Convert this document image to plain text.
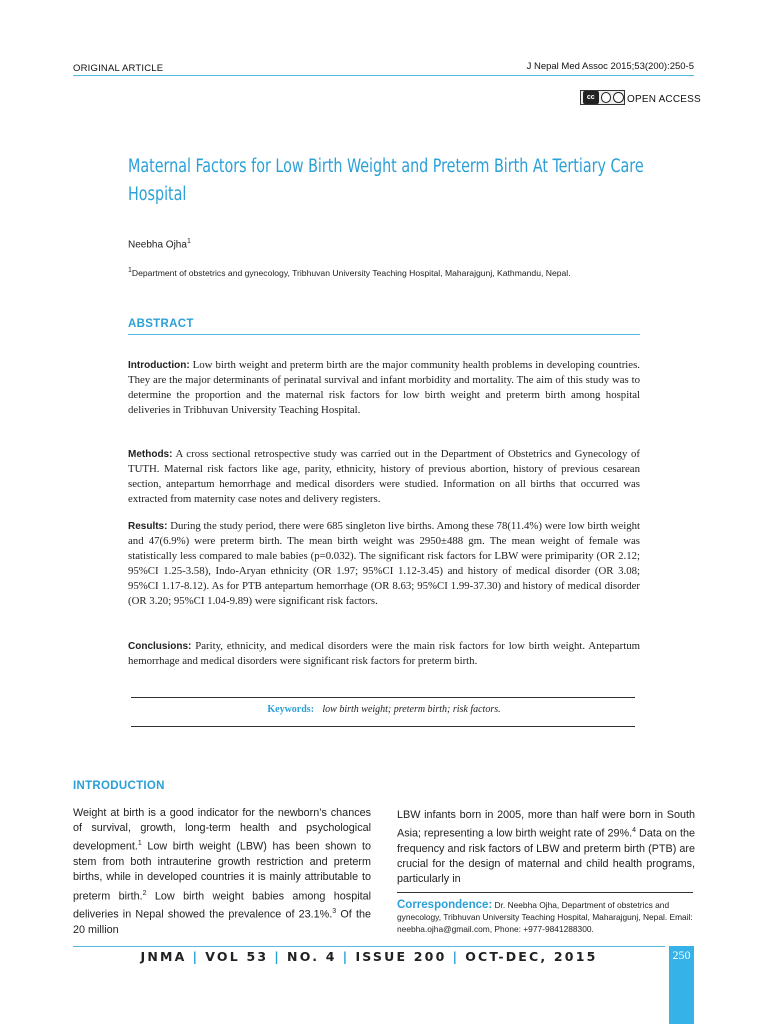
ORIGINAL ARTICLE	J Nepal Med Assoc 2015;53(200):250-5
cc	OPEN ACCESS
Maternal Factors for Low Birth Weight and Preterm Birth At Tertiary Care Hospital
Neebha Ojha$^1$
$^1$Department of obstetrics and gynecology, Tribhuvan University Teaching Hospital, Maharajgunj, Kathmandu, Nepal.
ABSTRACT
Introduction: Low birth weight and preterm birth are the major community health problems in developing countries. They are the major determinants of perinatal survival and infant morbidity and mortality. The aim of this study was to determine the proportion and the maternal risk factors for low birth weight and preterm birth among hospital deliveries in Tribhuvan University Teaching Hospital.
Methods: A cross sectional retrospective study was carried out in the Department of Obstetrics and Gynecology of TUTH. Maternal risk factors like age, parity, ethnicity, history of previous abortion, history of previous cesarean section, antepartum hemorrhage and medical disorders were studied. Information on all births that occurred was extracted from maternity case notes and delivery registers.
Results: During the study period, there were 685 singleton live births. Among these 78(11.4%) were low birth weight and 47(6.9%) were preterm birth. The mean birth weight was 2950±488 gm. The mean weight of female was statistically less compared to male babies (p=0.032). The significant risk factors for LBW were primiparity (OR 2.12; 95%CI 1.25-3.58), Indo-Aryan ethnicity (OR 1.97; 95%CI 1.12-3.45) and history of medical disorder (OR 3.08; 95%CI 1.17-8.12). As for PTB antepartum hemorrhage (OR 8.63; 95%CI 1.99-37.30) and history of medical disorder (OR 3.20; 95%CI 1.04-9.89) were significant risk factors.
Conclusions: Parity, ethnicity, and medical disorders were the main risk factors for low birth weight. Antepartum hemorrhage and medical disorders were significant risk factors for preterm birth.
Keywords: low birth weight; preterm birth; risk factors.
INTRODUCTION
Weight at birth is a good indicator for the newborn’s chances of survival, growth, long-term health and psychological development.$^1$ Low birth weight (LBW) has been shown to stem from both intrauterine growth restriction and preterm births, while in developed countries it is mainly attributable to preterm birth.$^2$ Low birth weight babies among hospital deliveries in Nepal showed the prevalence of 23.1%.$^3$ Of the 20 million
LBW infants born in 2005, more than half were born in South Asia; representing a low birth weight rate of 29%.$^4$ Data on the frequency and risk factors of LBW and preterm birth (PTB) are crucial for the design of maternal and child health programs, particularly in
Correspondence: Dr. Neebha Ojha, Department of obstetrics and gynecology, Tribhuvan University Teaching Hospital, Maharajgunj, Nepal. Email: neebha.ojha@gmail.com, Phone: +977-9841288300.
JNMA | VOL 53 | NO. 4 | ISSUE 200 | OCT-DEC, 2015	250
